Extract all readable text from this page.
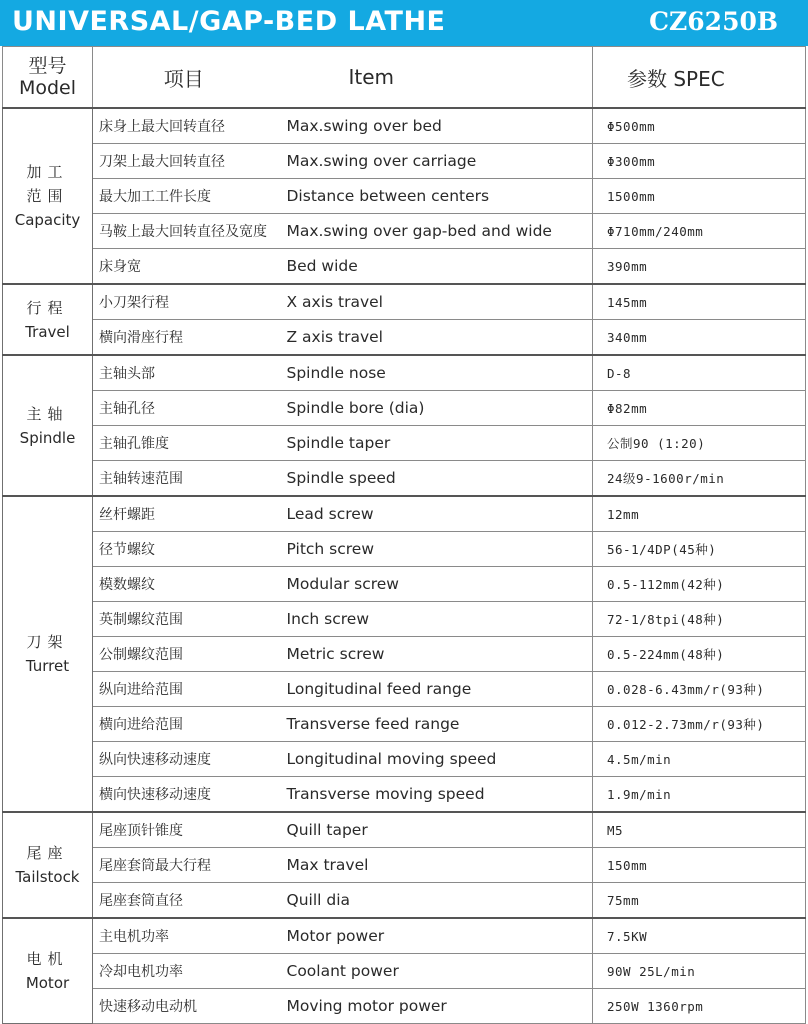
UNIVERSAL/GAP-BED LATHE	CZ6250B
型号
Model	项目	Item	参数 SPEC

加工
范围
Capacity	床身上最大回转直径	Max.swing over bed	Φ500mm
	刀架上最大回转直径	Max.swing over carriage	Φ300mm
	最大加工工件长度	Distance between centers	1500mm
	马鞍上最大回转直径及宽度	Max.swing over gap-bed and wide	Φ710mm/240mm
	床身宽	Bed wide	390mm

行程
Travel	小刀架行程	X axis travel	145mm
	横向滑座行程	Z axis travel	340mm

主轴
Spindle	主轴头部	Spindle nose	D-8
	主轴孔径	Spindle bore (dia)	Φ82mm
	主轴孔锥度	Spindle taper	公制90 (1:20)
	主轴转速范围	Spindle speed	24级9-1600r/min

刀架
Turret	丝杆螺距	Lead screw	12mm
	径节螺纹	Pitch screw	56-1/4DP(45种)
	模数螺纹	Modular screw	0.5-112mm(42种)
	英制螺纹范围	Inch screw	72-1/8tpi(48种)
	公制螺纹范围	Metric screw	0.5-224mm(48种)
	纵向进给范围	Longitudinal feed range	0.028-6.43mm/r(93种)
	横向进给范围	Transverse feed range	0.012-2.73mm/r(93种)
	纵向快速移动速度	Longitudinal moving speed	4.5m/min
	横向快速移动速度	Transverse moving speed	1.9m/min

尾座
Tailstock	尾座顶针锥度	Quill taper	M5
	尾座套筒最大行程	Max travel	150mm
	尾座套筒直径	Quill dia	75mm

电机
Motor	主电机功率	Motor power	7.5KW
	冷却电机功率	Coolant power	90W 25L/min
	快速移动电动机	Moving motor power	250W 1360rpm
